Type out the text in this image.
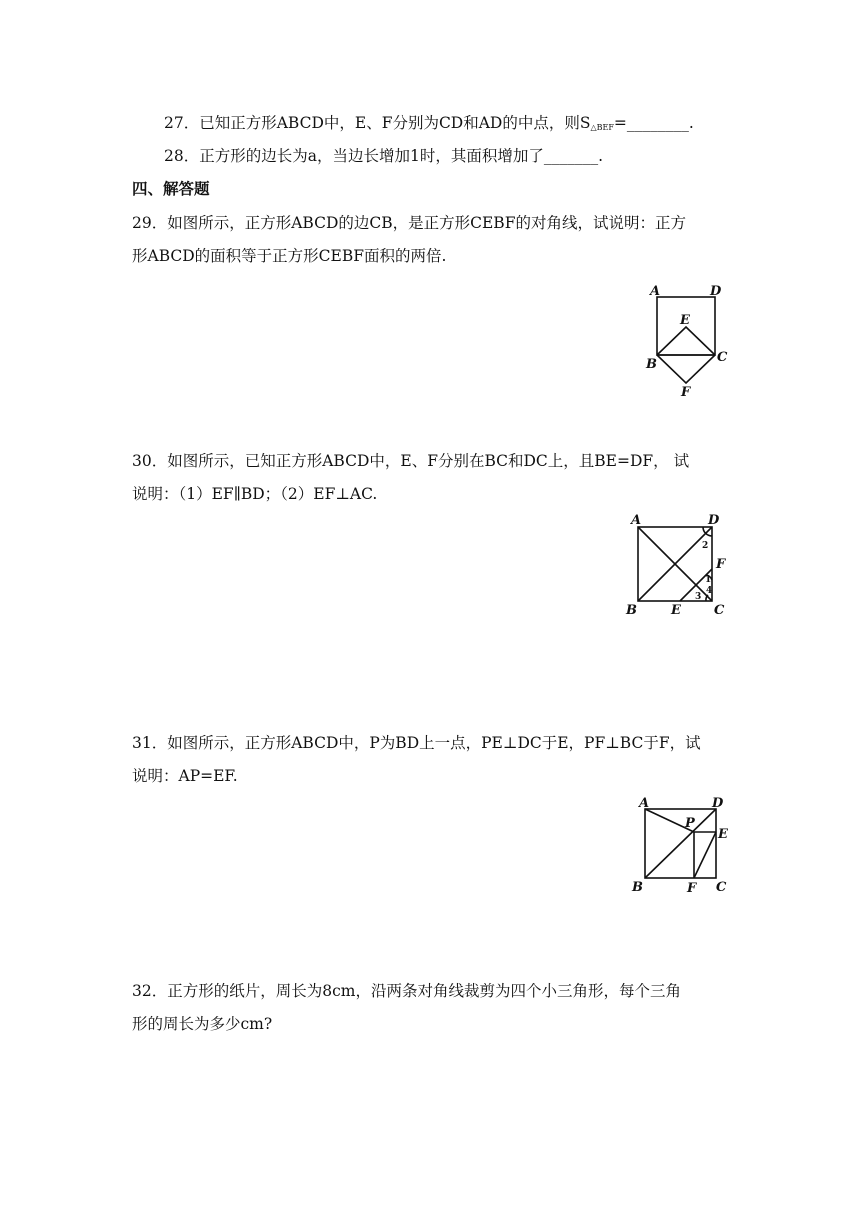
27．已知正方形ABCD中，E、F分别为CD和AD的中点，则$S_{\triangle BEF}=\_\_\_\_\_\_\_\_$.
28．正方形的边长为a，当边长增加1时，其面积增加了_______.
四、解答题
29．如图所示，正方形ABCD的边CB，是正方形CEBF的对角线，试说明：正方
形ABCD的面积等于正方形CEBF面积的两倍.
A	D
E
B	C
F
30．如图所示，已知正方形ABCD中，E、F分别在BC和DC上，且BE=DF， 试
说明：（1）EF∥BD；（2）EF⊥AC.
A	D
F
B	E	C
2
1
4
3
31．如图所示，正方形ABCD中，P为BD上一点，PE⊥DC于E，PF⊥BC于F，试
说明：AP=EF.
A	D
P
E
B	F C
32．正方形的纸片，周长为8cm，沿两条对角线裁剪为四个小三角形，每个三角
形的周长为多少cm?
